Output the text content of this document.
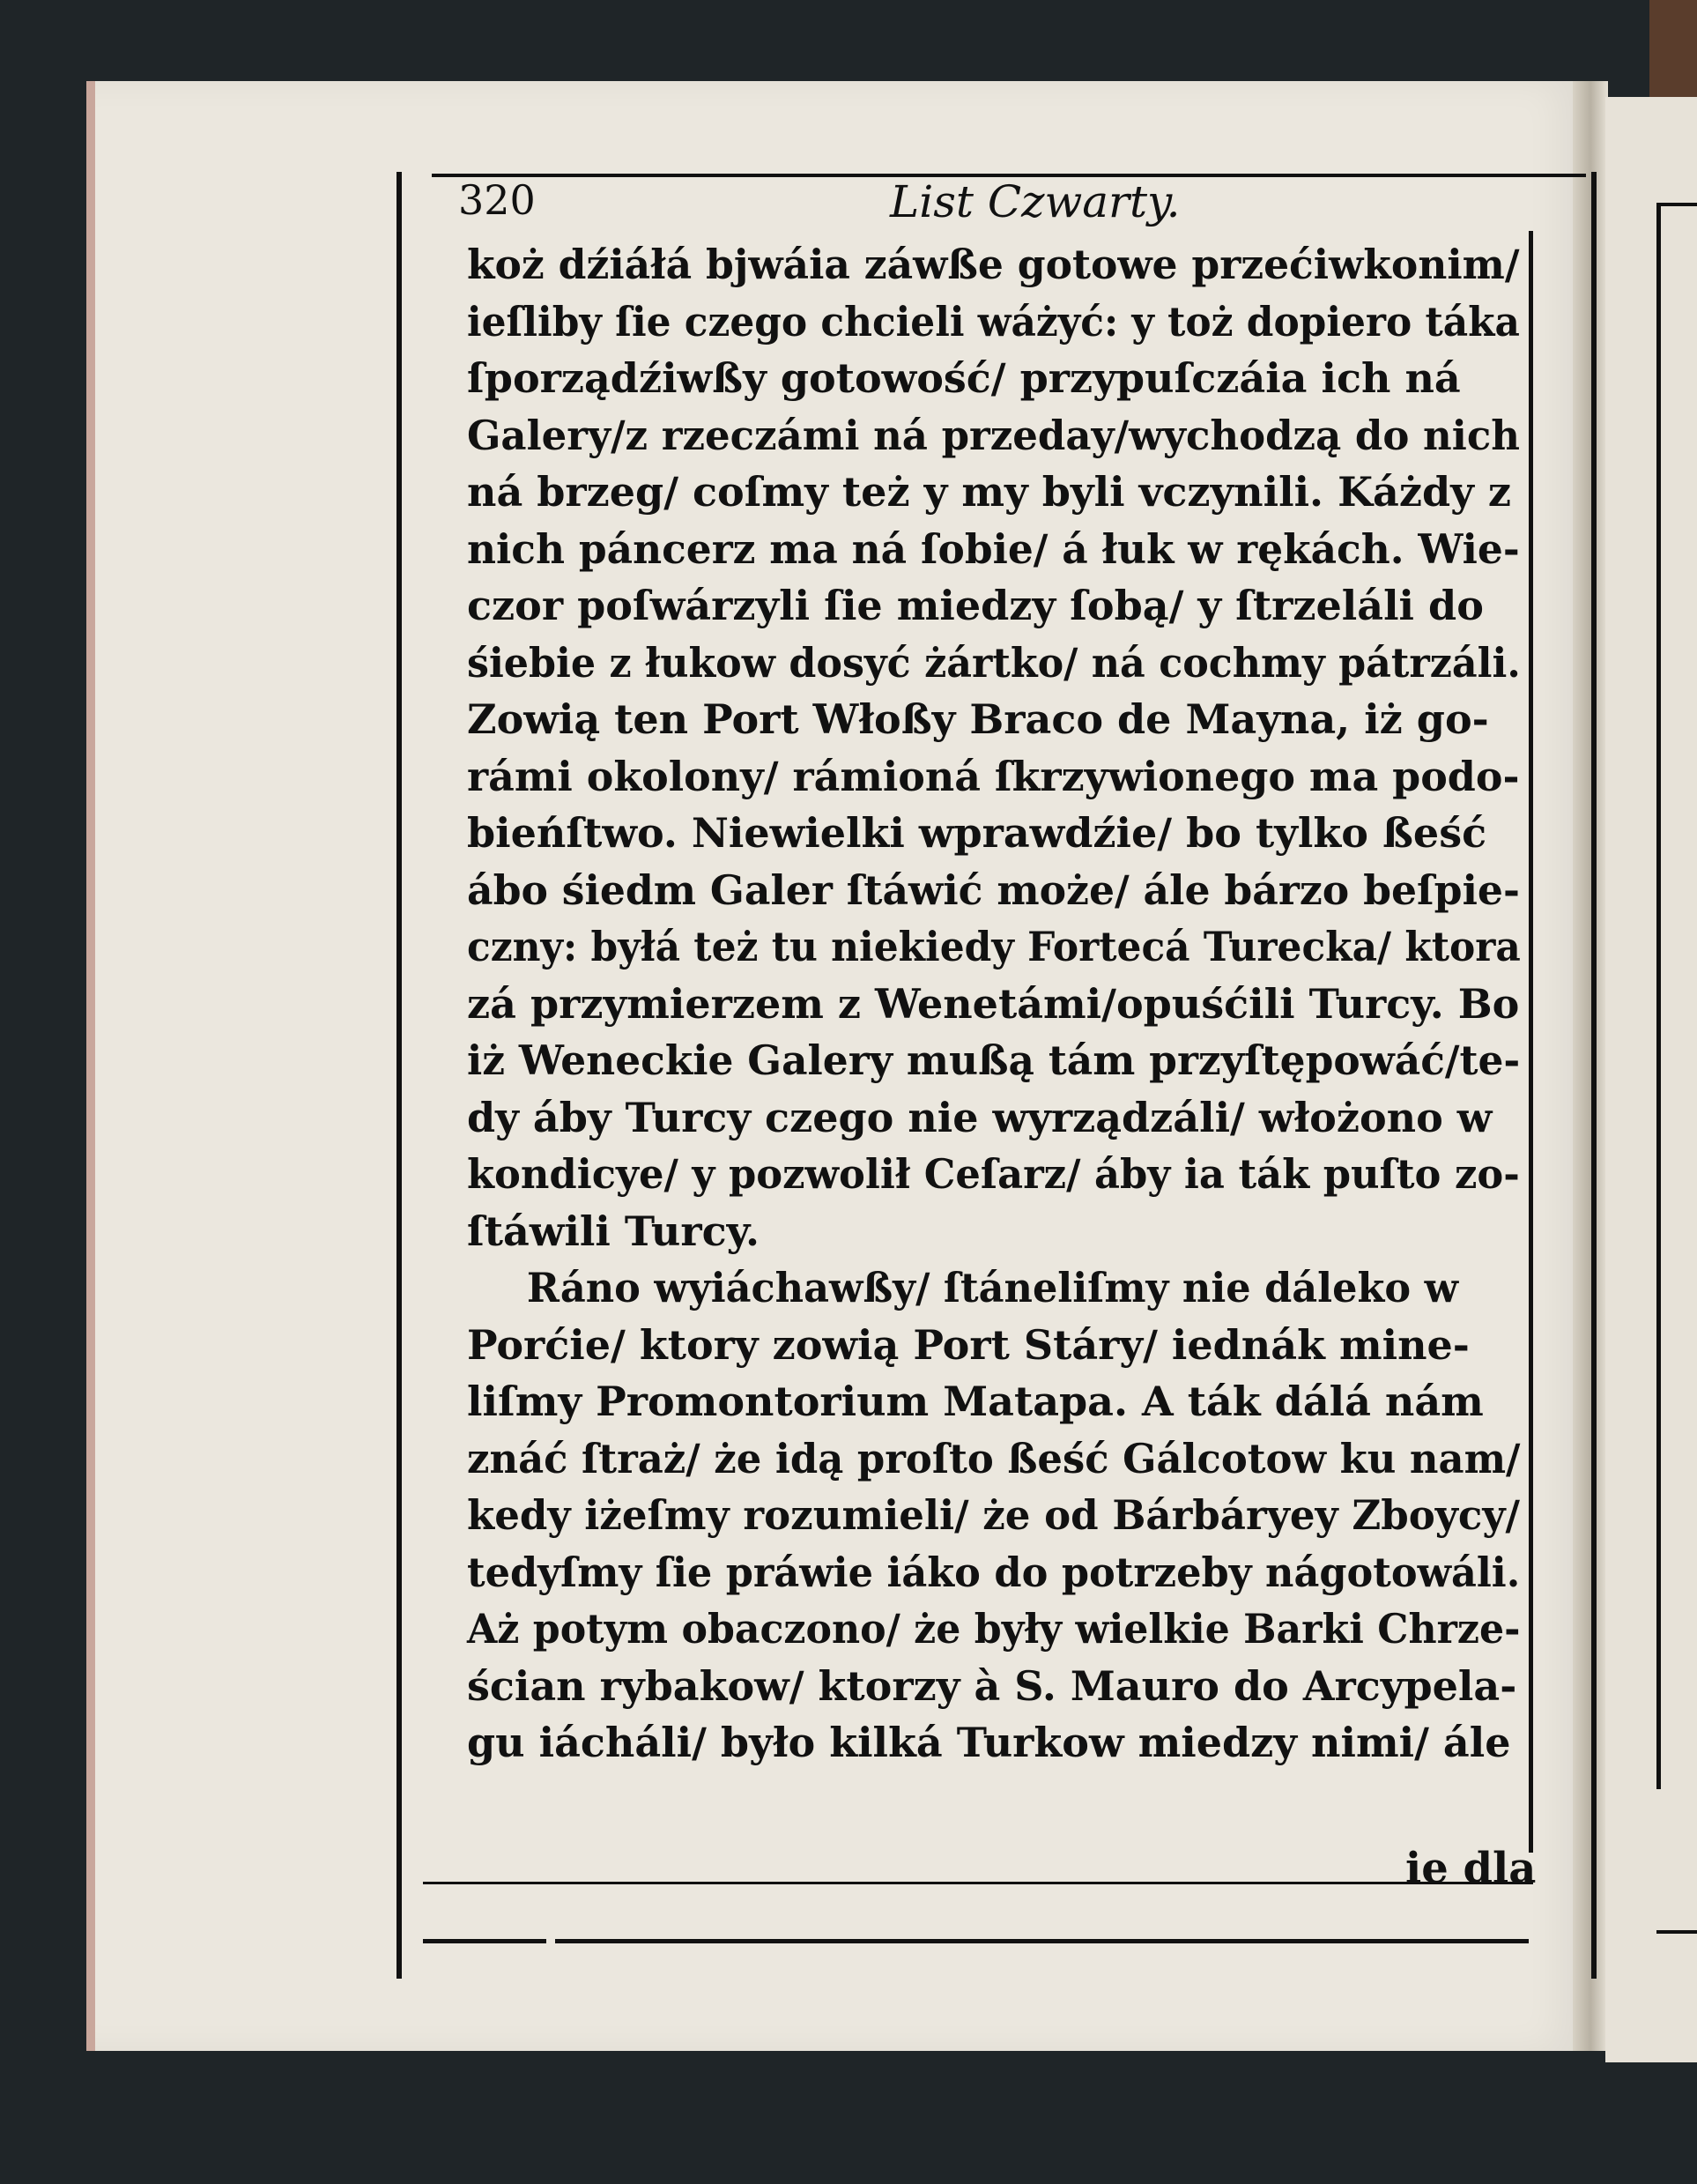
320	List Czwarty.
koż dźiáłá bjwáia záwße gotowe przećiwkonim/
ieſliby ſie czego chcieli wáżyć: y toż dopiero táka
ſporządźiwßy gotowość/ przypuſczáia ich ná
Galery/z rzeczámi ná przeday/wychodzą do nich
ná brzeg/ coſmy też y my byli vczynili. Káżdy z
nich páncerz ma ná ſobie/ á łuk w rękách. Wie-
czor poſwárzyli ſie miedzy ſobą/ y ſtrzeláli do
śiebie z łukow dosyć żártko/ ná cochmy pátrzáli.
Zowią ten Port Włoßy Braco de Mayna, iż go-
rámi okolony/ rámioná ſkrzywionego ma podo-
bieńſtwo. Niewielki wprawdźie/ bo tylko ßeść
ábo śiedm Galer ſtáwić może/ ále bárzo beſpie-
czny: byłá też tu niekiedy Fortecá Turecka/ ktora
zá przymierzem z Wenetámi/opuśćili Turcy. Bo
iż Weneckie Galery mußą tám przyſtępowáć/te-
dy áby Turcy czego nie wyrządzáli/ włożono w
kondicye/ y pozwolił Ceſarz/ áby ia ták puſto zo-
ſtáwili Turcy.
Ráno wyiáchawßy/ ſtáneliſmy nie dáleko w
Porćie/ ktory zowią Port Stáry/ iednák mine-
liſmy Promontorium Matapa. A ták dálá nám
znáć ſtraż/ że idą proſto ßeść Gálcotow ku nam/
kedy iżeſmy rozumieli/ że od Bárbáryey Zboycy/
tedyſmy ſie práwie iáko do potrzeby nágotowáli.
Aż potym obaczono/ że były wielkie Barki Chrze-
ścian rybakow/ ktorzy à S. Mauro do Arcypela-
gu iácháli/ było kilká Turkow miedzy nimi/ ále
ie dla
